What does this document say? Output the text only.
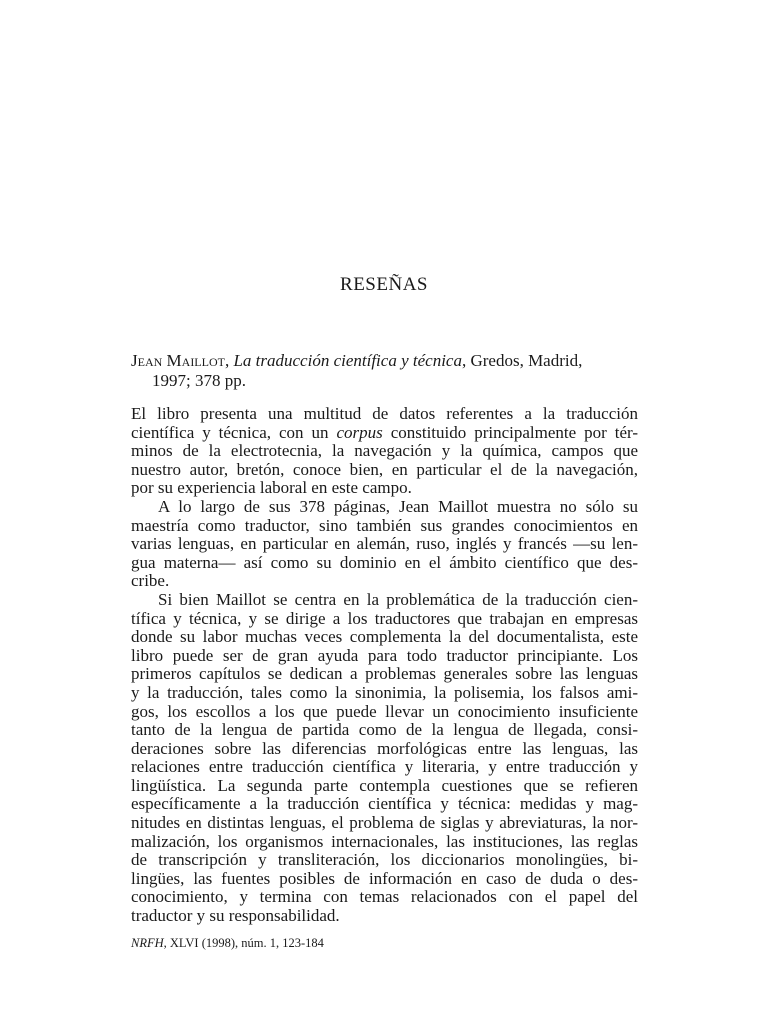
RESEÑAS
Jean Maillot, La traducción científica y técnica, Gredos, Madrid,
1997; 378 pp.

El libro presenta una multitud de datos referentes a la traducción
científica y técnica, con un corpus constituido principalmente por tér-
minos de la electrotecnia, la navegación y la química, campos que
nuestro autor, bretón, conoce bien, en particular el de la navegación,
por su experiencia laboral en este campo.

A lo largo de sus 378 páginas, Jean Maillot muestra no sólo su
maestría como traductor, sino también sus grandes conocimientos en
varias lenguas, en particular en alemán, ruso, inglés y francés —su len-
gua materna— así como su dominio en el ámbito científico que des-
cribe.

Si bien Maillot se centra en la problemática de la traducción cien-
tífica y técnica, y se dirige a los traductores que trabajan en empresas
donde su labor muchas veces complementa la del documentalista, este
libro puede ser de gran ayuda para todo traductor principiante. Los
primeros capítulos se dedican a problemas generales sobre las lenguas
y la traducción, tales como la sinonimia, la polisemia, los falsos ami-
gos, los escollos a los que puede llevar un conocimiento insuficiente
tanto de la lengua de partida como de la lengua de llegada, consi-
deraciones sobre las diferencias morfológicas entre las lenguas, las
relaciones entre traducción científica y literaria, y entre traducción y
lingüística. La segunda parte contempla cuestiones que se refieren
específicamente a la traducción científica y técnica: medidas y mag-
nitudes en distintas lenguas, el problema de siglas y abreviaturas, la nor-
malización, los organismos internacionales, las instituciones, las reglas
de transcripción y transliteración, los diccionarios monolingües, bi-
lingües, las fuentes posibles de información en caso de duda o des-
conocimiento, y termina con temas relacionados con el papel del
traductor y su responsabilidad.

NRFH, XLVI (1998), núm. 1, 123-184
